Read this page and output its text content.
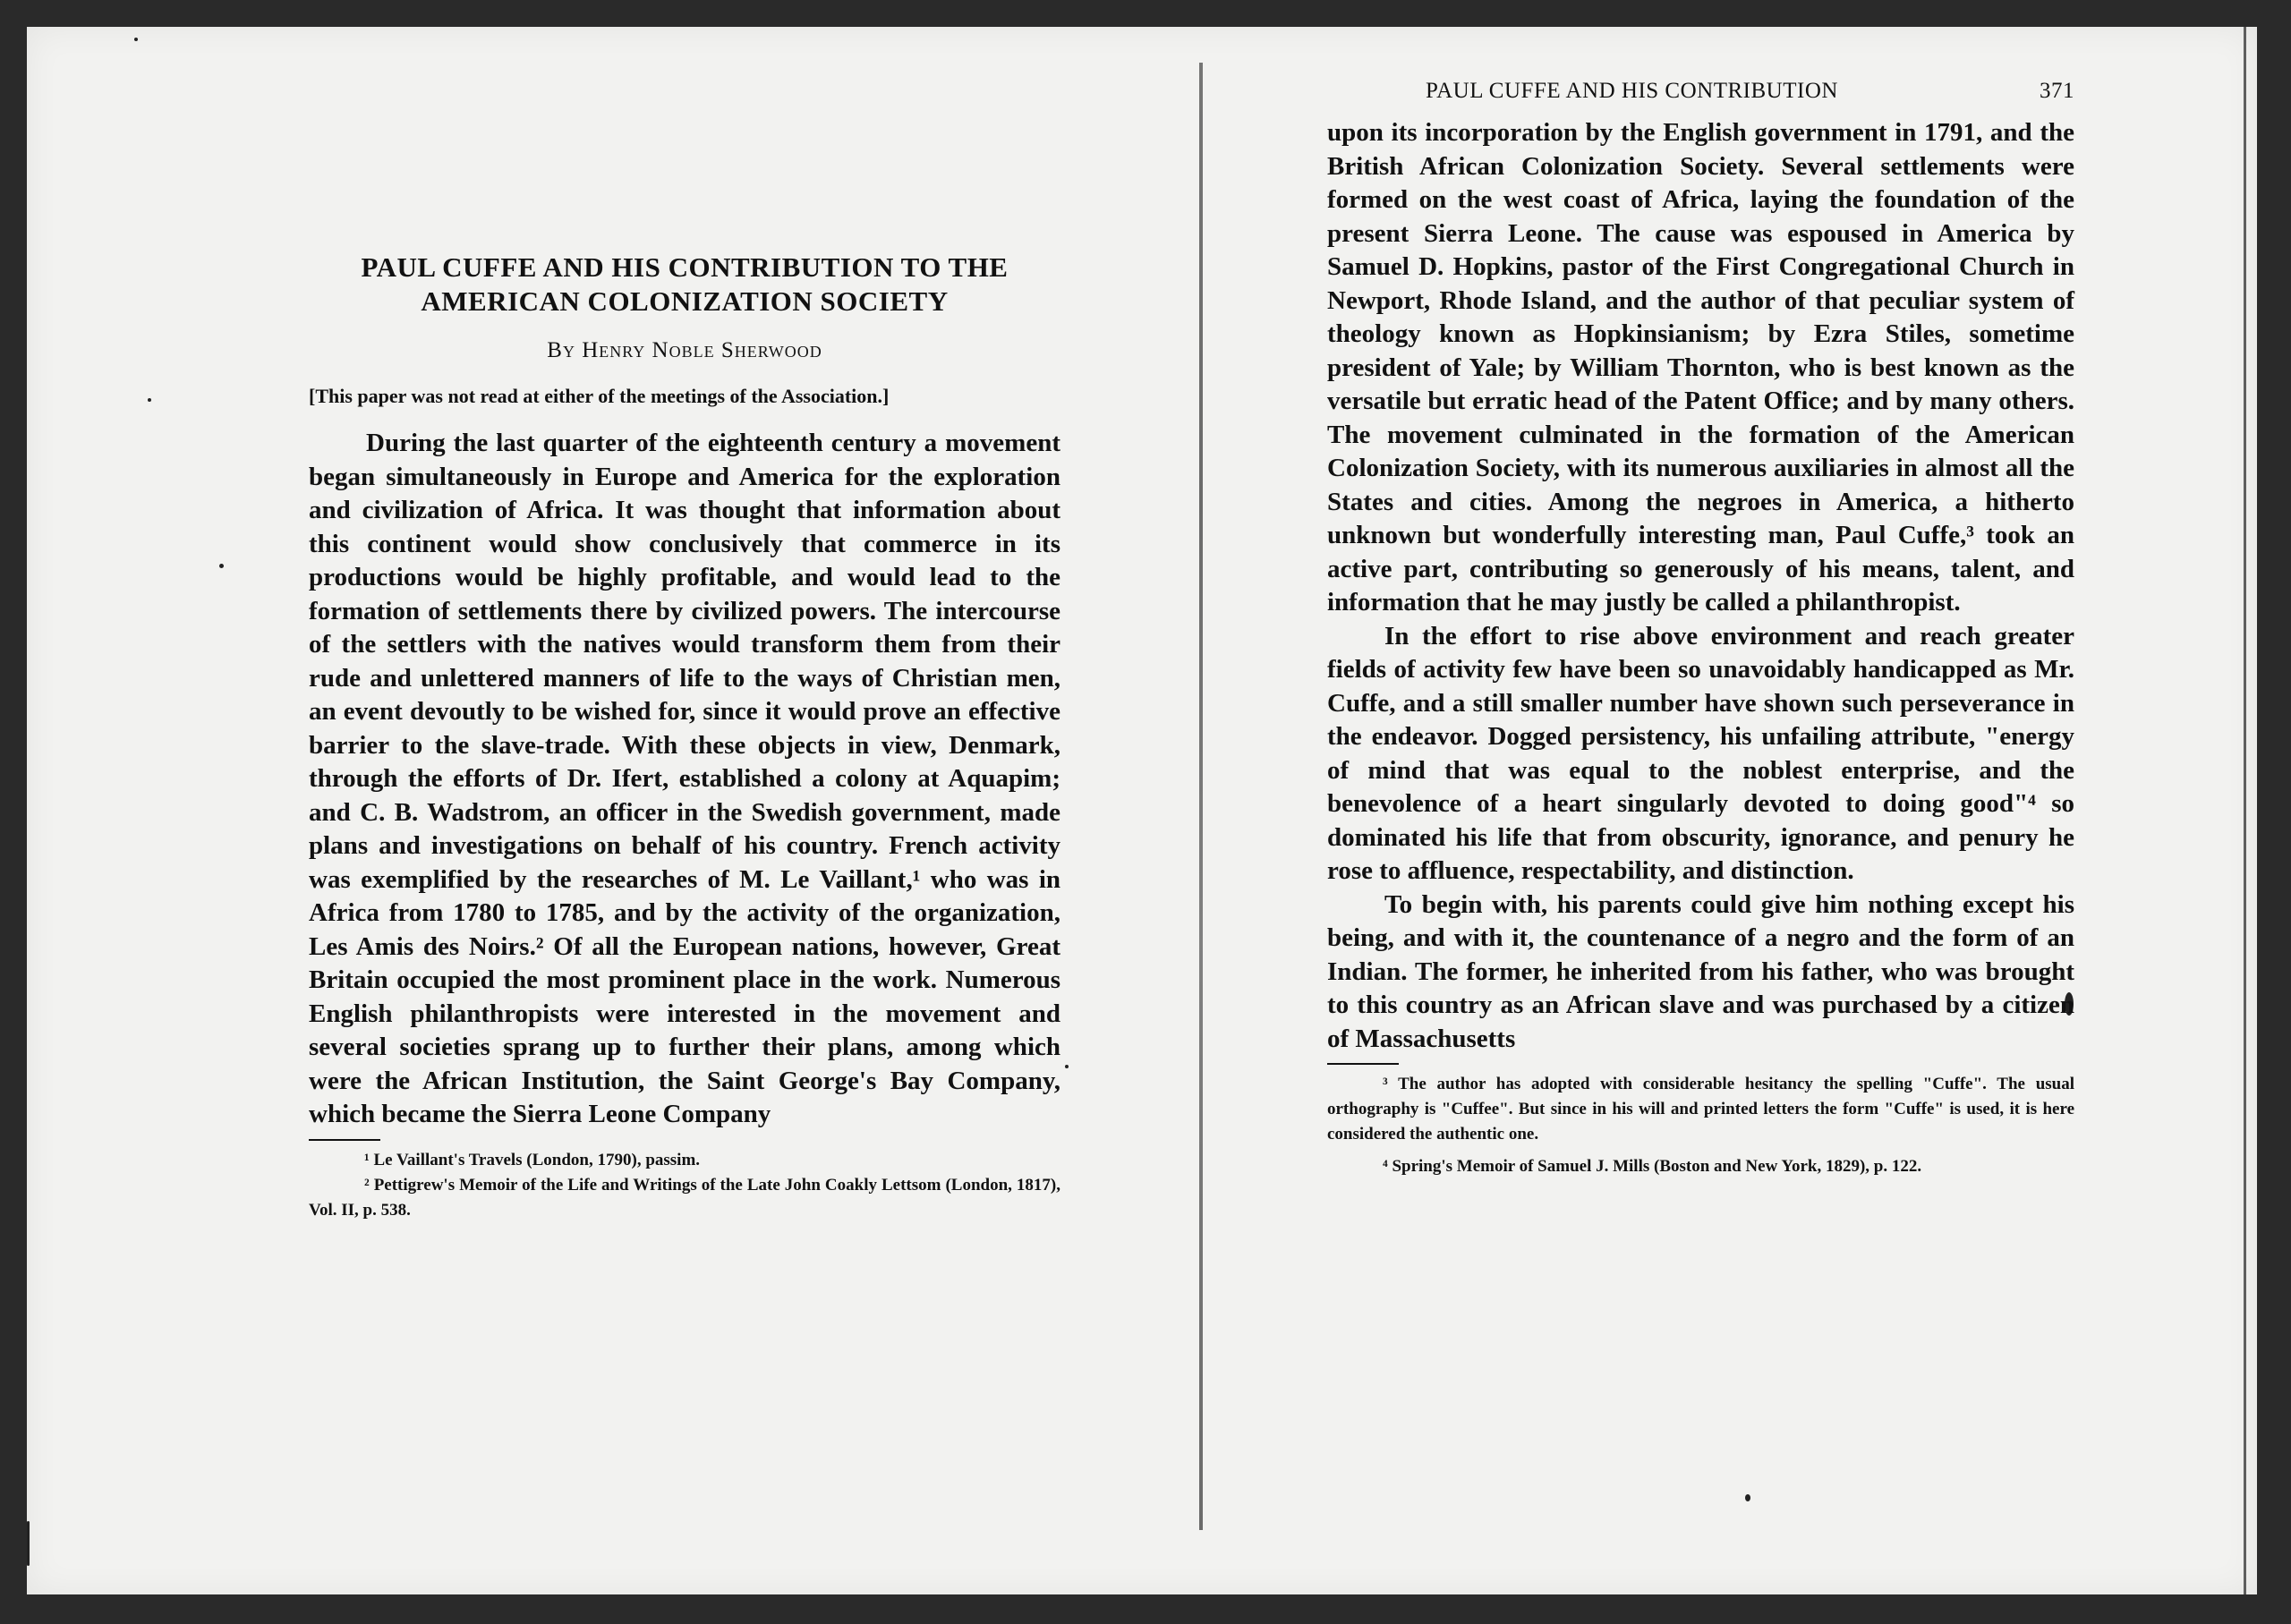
PAUL CUFFE AND HIS CONTRIBUTION TO THE
AMERICAN COLONIZATION SOCIETY
By Henry Noble Sherwood

[This paper was not read at either of the meetings of the Association.]

During the last quarter of the eighteenth century a movement began simultaneously in Europe and America for the exploration and civilization of Africa. It was thought that information about this continent would show conclusively that commerce in its productions would be highly profitable, and would lead to the formation of settlements there by civilized powers. The intercourse of the settlers with the natives would transform them from their rude and unlettered manners of life to the ways of Christian men, an event devoutly to be wished for, since it would prove an effective barrier to the slave-trade. With these objects in view, Denmark, through the efforts of Dr. Ifert, established a colony at Aquapim; and C. B. Wadstrom, an officer in the Swedish government, made plans and investigations on behalf of his country. French activity was exemplified by the researches of M. Le Vaillant,¹ who was in Africa from 1780 to 1785, and by the activity of the organization, Les Amis des Noirs.² Of all the European nations, however, Great Britain occupied the most prominent place in the work. Numerous English philanthropists were interested in the movement and several societies sprang up to further their plans, among which were the African Institution, the Saint George's Bay Company, which became the Sierra Leone Company

¹ Le Vaillant's Travels (London, 1790), passim.

² Pettigrew's Memoir of the Life and Writings of the Late John Coakly Lettsom (London, 1817), Vol. II, p. 538.

PAUL CUFFE AND HIS CONTRIBUTION	371

upon its incorporation by the English government in 1791, and the British African Colonization Society. Several settlements were formed on the west coast of Africa, laying the foundation of the present Sierra Leone. The cause was espoused in America by Samuel D. Hopkins, pastor of the First Congregational Church in Newport, Rhode Island, and the author of that peculiar system of theology known as Hopkinsianism; by Ezra Stiles, sometime president of Yale; by William Thornton, who is best known as the versatile but erratic head of the Patent Office; and by many others. The movement culminated in the formation of the American Colonization Society, with its numerous auxiliaries in almost all the States and cities. Among the negroes in America, a hitherto unknown but wonderfully interesting man, Paul Cuffe,³ took an active part, contributing so generously of his means, talent, and information that he may justly be called a philanthropist.

In the effort to rise above environment and reach greater fields of activity few have been so unavoidably handicapped as Mr. Cuffe, and a still smaller number have shown such perseverance in the endeavor. Dogged persistency, his unfailing attribute, "energy of mind that was equal to the noblest enterprise, and the benevolence of a heart singularly devoted to doing good"⁴ so dominated his life that from obscurity, ignorance, and penury he rose to affluence, respectability, and distinction.

To begin with, his parents could give him nothing except his being, and with it, the countenance of a negro and the form of an Indian. The former, he inherited from his father, who was brought to this country as an African slave and was purchased by a citizen of Massachusetts

³ The author has adopted with considerable hesitancy the spelling "Cuffe". The usual orthography is "Cuffee". But since in his will and printed letters the form "Cuffe" is used, it is here considered the authentic one.

⁴ Spring's Memoir of Samuel J. Mills (Boston and New York, 1829), p. 122.
